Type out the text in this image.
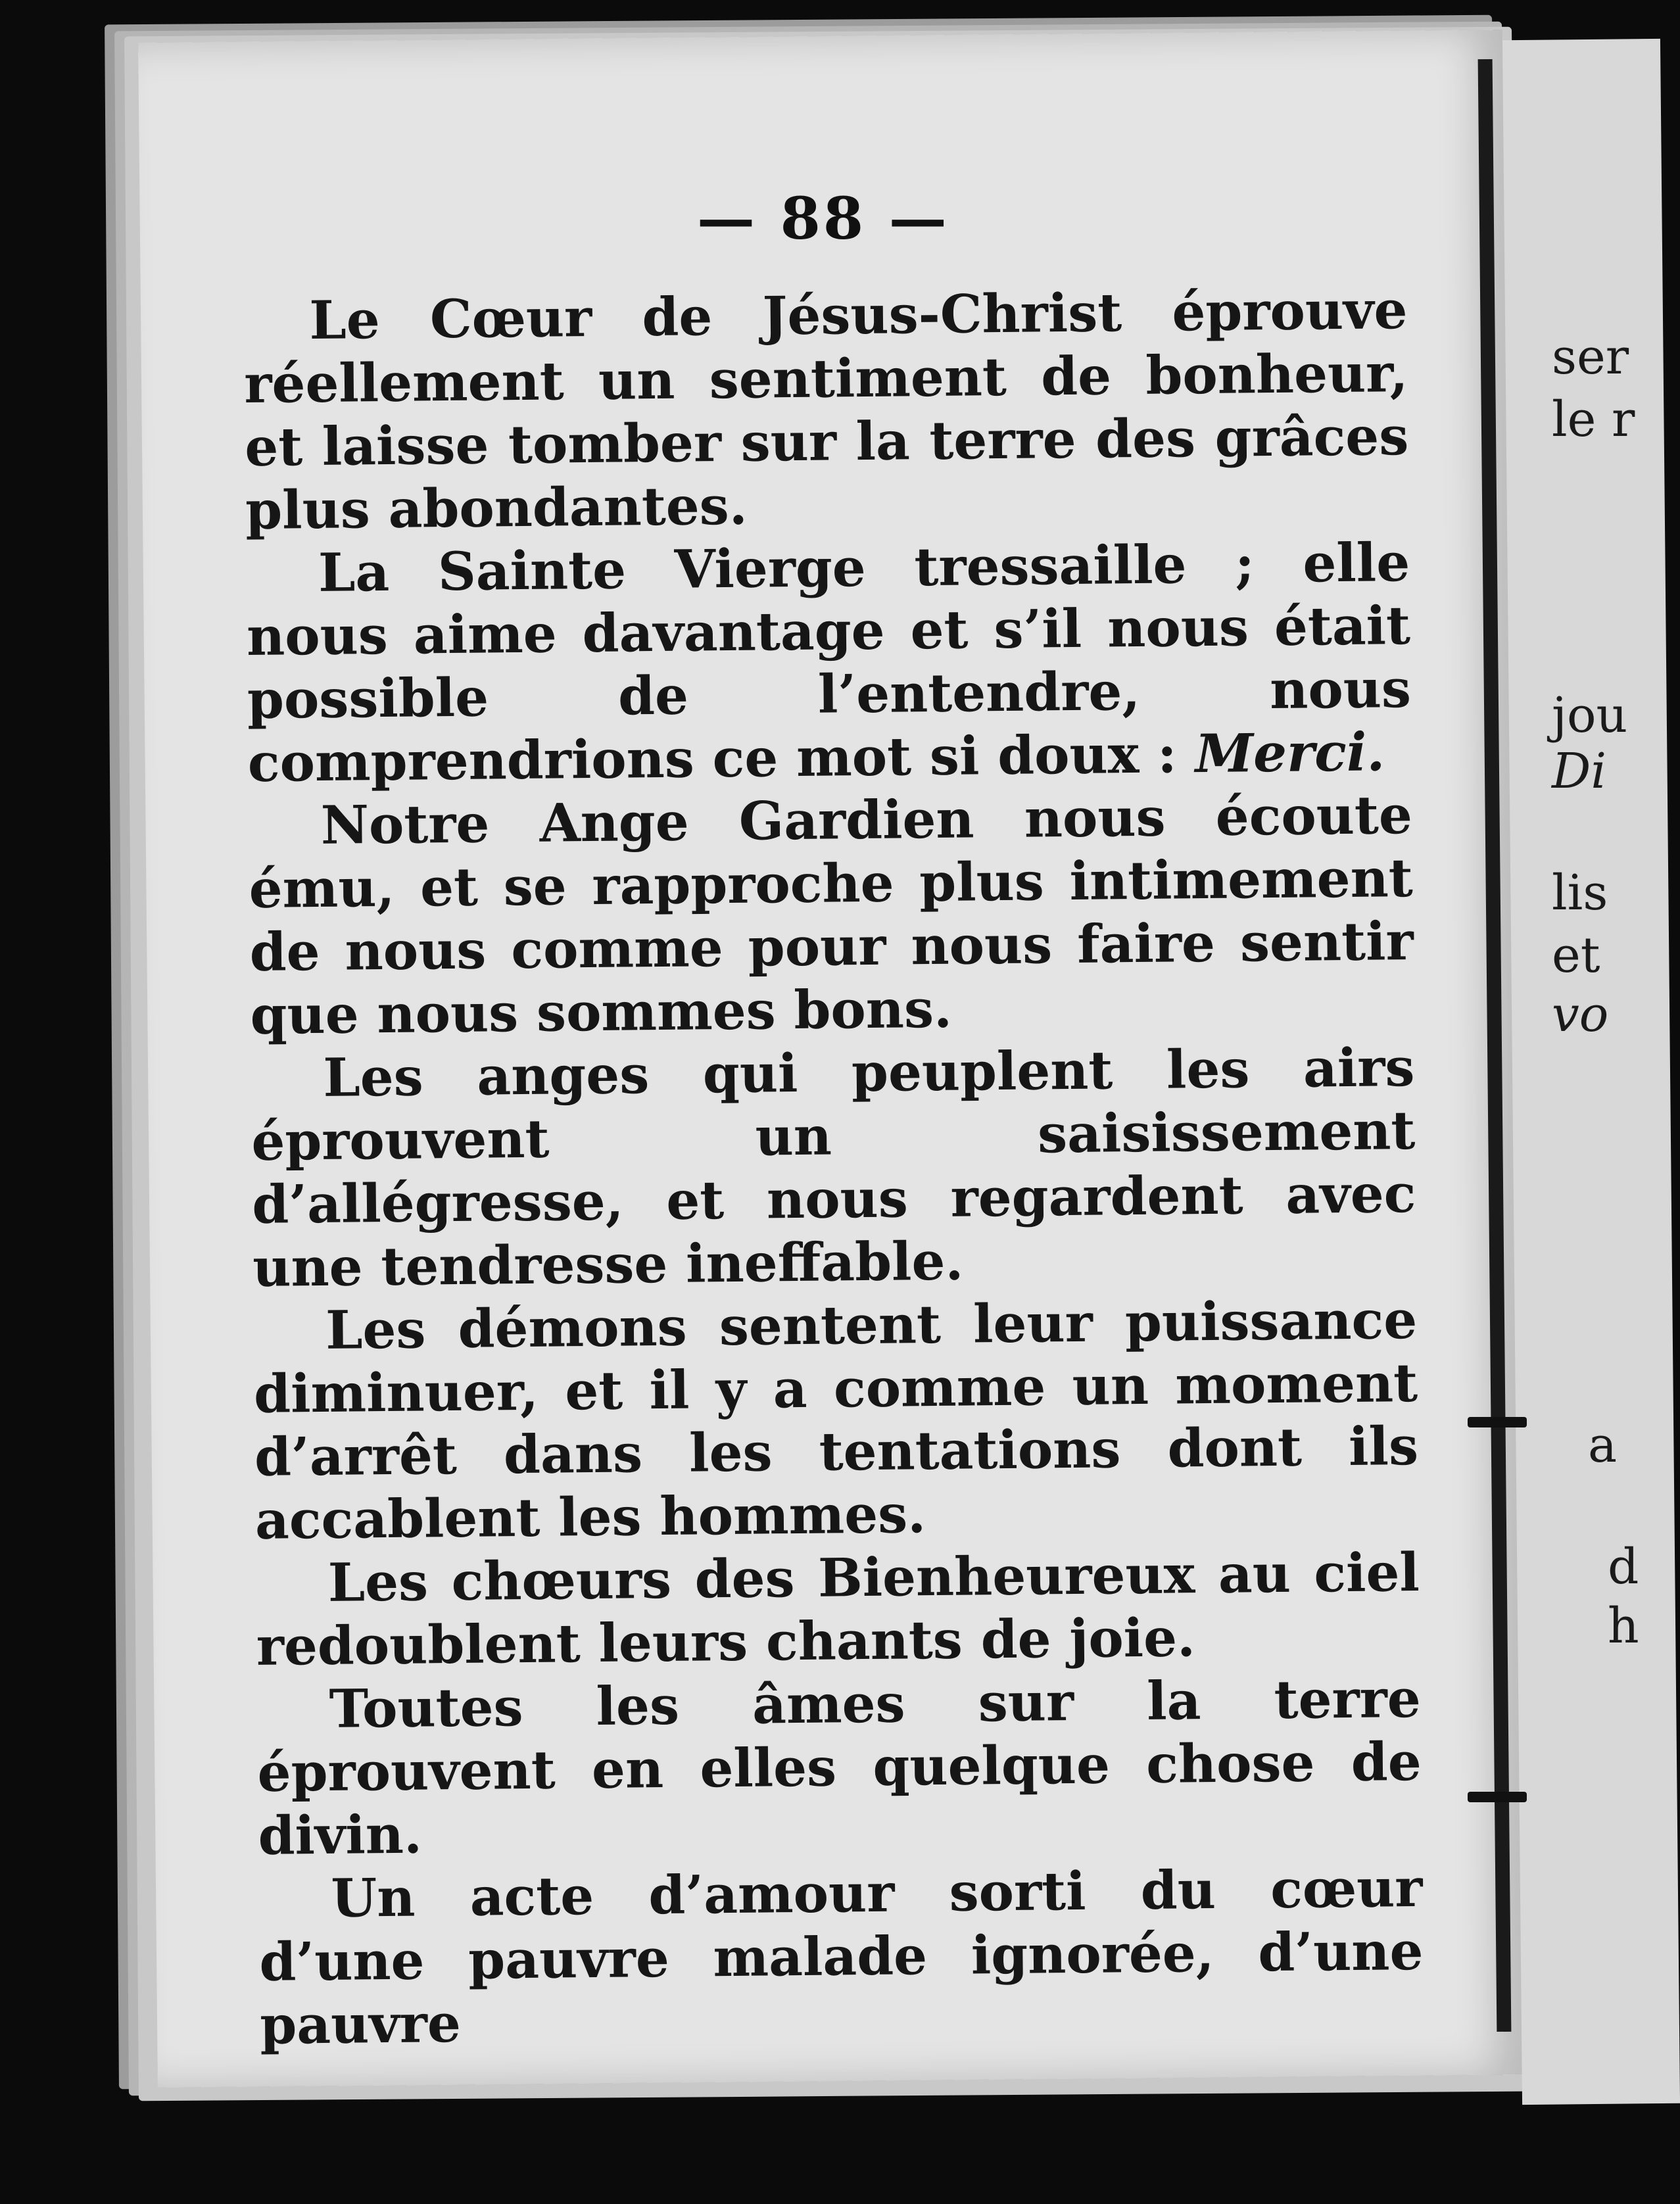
— 88 —

Le Cœur de Jésus-Christ éprouve réellement un sentiment de bonheur, et laisse tomber sur la terre des grâces plus abondantes.

La Sainte Vierge tressaille ; elle nous aime davantage et s’il nous était possible de l’entendre, nous comprendrions ce mot si doux : Merci.

Notre Ange Gardien nous écoute ému, et se rapproche plus intimement de nous comme pour nous faire sentir que nous sommes bons.

Les anges qui peuplent les airs éprouvent un saisissement d’allégresse, et nous regardent avec une tendresse ineffable.

Les démons sentent leur puissance diminuer, et il y a comme un moment d’arrêt dans les tentations dont ils accablent les hommes.

Les chœurs des Bienheureux au ciel redoublent leurs chants de joie.

Toutes les âmes sur la terre éprouvent en elles quelque chose de divin.

Un acte d’amour sorti du cœur d’une pauvre malade ignorée, d’une pauvre

ser
le r
jou
Di
lis
et
vo
a
d
h
